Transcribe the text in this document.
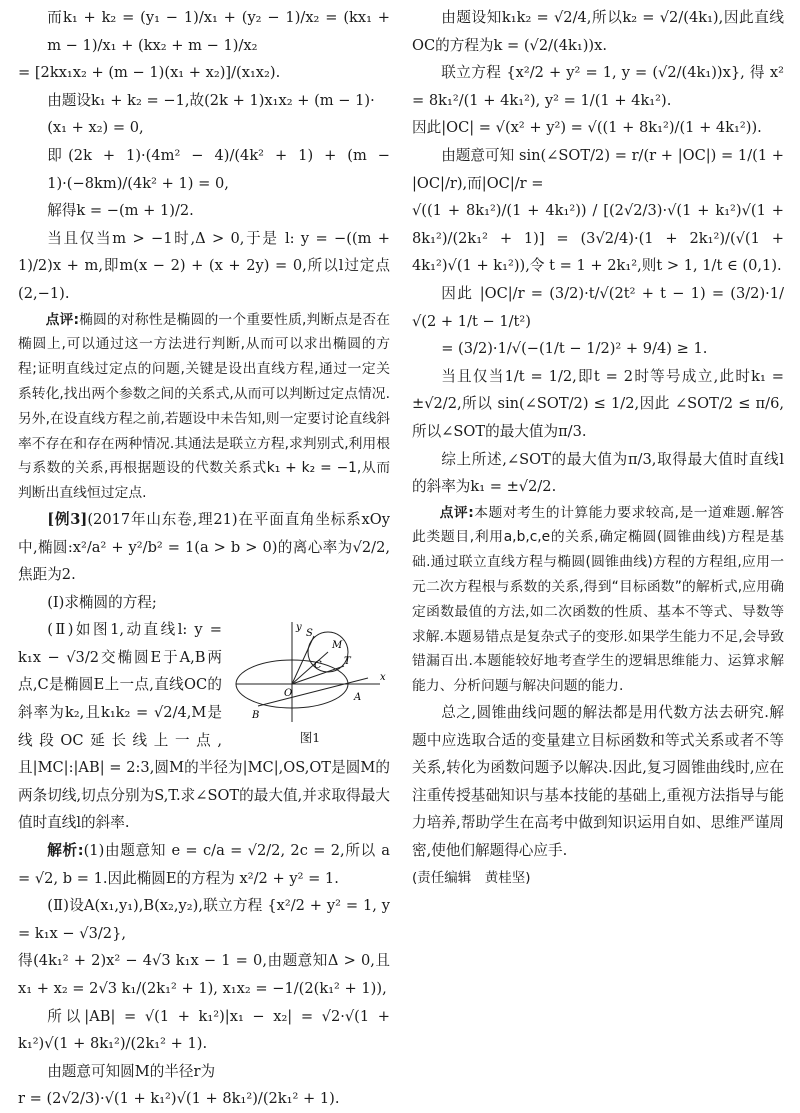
而k₁ + k₂ = (y₁ − 1)/x₁ + (y₂ − 1)/x₂ = (kx₁ + m − 1)/x₁ + (kx₂ + m − 1)/x₂

= [2kx₁x₂ + (m − 1)(x₁ + x₂)]/(x₁x₂).

由题设k₁ + k₂ = −1,故(2k + 1)x₁x₂ + (m − 1)·

(x₁ + x₂) = 0,

即(2k + 1)·(4m² − 4)/(4k² + 1) + (m − 1)·(−8km)/(4k² + 1) = 0,

解得k = −(m + 1)/2.

当且仅当m > −1时,Δ > 0,于是 l: y = −((m + 1)/2)x + m,即m(x − 2) + (x + 2y) = 0,所以l过定点(2,−1).

点评:椭圆的对称性是椭圆的一个重要性质,判断点是否在椭圆上,可以通过这一方法进行判断,从而可以求出椭圆的方程;证明直线过定点的问题,关键是设出直线方程,通过一定关系转化,找出两个参数之间的关系式,从而可以判断过定点情况.另外,在设直线方程之前,若题设中未告知,则一定要讨论直线斜率不存在和存在两种情况.其通法是联立方程,求判别式,利用根与系数的关系,再根据题设的代数关系式k₁ + k₂ = −1,从而判断出直线恒过定点.

[例3](2017年山东卷,理21)在平面直角坐标系xOy中,椭圆:x²/a² + y²/b² = 1(a > b > 0)的离心率为√2/2,焦距为2.

(Ⅰ)求椭圆的方程;

y
x
O
S
M
C T
A
B
图1

(Ⅱ)如图1,动直线l: y = k₁x − √3/2交椭圆E于A,B两点,C是椭圆E上一点,直线OC的斜率为k₂,且k₁k₂ = √2/4,M是线段OC延长线上一点,且|MC|:|AB| = 2:3,圆M的半径为|MC|,OS,OT是圆M的两条切线,切点分别为S,T.求∠SOT的最大值,并求取得最大值时直线l的斜率.

解析:(1)由题意知 e = c/a = √2/2, 2c = 2,所以 a = √2, b = 1.因此椭圆E的方程为 x²/2 + y² = 1.

(Ⅱ)设A(x₁,y₁),B(x₂,y₂),联立方程 {x²/2 + y² = 1, y = k₁x − √3/2},

得(4k₁² + 2)x² − 4√3 k₁x − 1 = 0,由题意知Δ > 0,且 x₁ + x₂ = 2√3 k₁/(2k₁² + 1), x₁x₂ = −1/(2(k₁² + 1)),

所以|AB| = √(1 + k₁²)|x₁ − x₂| = √2·√(1 + k₁²)√(1 + 8k₁²)/(2k₁² + 1).

由题意可知圆M的半径r为

r = (2√2/3)·√(1 + k₁²)√(1 + 8k₁²)/(2k₁² + 1).

由题设知k₁k₂ = √2/4,所以k₂ = √2/(4k₁),因此直线OC的方程为k = (√2/(4k₁))x.

联立方程 {x²/2 + y² = 1, y = (√2/(4k₁))x}, 得 x² = 8k₁²/(1 + 4k₁²), y² = 1/(1 + 4k₁²).

因此|OC| = √(x² + y²) = √((1 + 8k₁²)/(1 + 4k₁²)).

由题意可知 sin(∠SOT/2) = r/(r + |OC|) = 1/(1 + |OC|/r),而|OC|/r =

√((1 + 8k₁²)/(1 + 4k₁²)) / [(2√2/3)·√(1 + k₁²)√(1 + 8k₁²)/(2k₁² + 1)] = (3√2/4)·(1 + 2k₁²)/(√(1 + 4k₁²)√(1 + k₁²)),令 t = 1 + 2k₁²,则t > 1, 1/t ∈ (0,1).

因此 |OC|/r = (3/2)·t/√(2t² + t − 1) = (3/2)·1/√(2 + 1/t − 1/t²)

= (3/2)·1/√(−(1/t − 1/2)² + 9/4) ≥ 1.

当且仅当1/t = 1/2,即t = 2时等号成立,此时k₁ = ±√2/2,所以 sin(∠SOT/2) ≤ 1/2,因此 ∠SOT/2 ≤ π/6,所以∠SOT的最大值为π/3.

综上所述,∠SOT的最大值为π/3,取得最大值时直线l的斜率为k₁ = ±√2/2.

点评:本题对考生的计算能力要求较高,是一道难题.解答此类题目,利用a,b,c,e的关系,确定椭圆(圆锥曲线)方程是基础.通过联立直线方程与椭圆(圆锥曲线)方程的方程组,应用一元二次方程根与系数的关系,得到“目标函数”的解析式,应用确定函数最值的方法,如二次函数的性质、基本不等式、导数等求解.本题易错点是复杂式子的变形.如果学生能力不足,会导致错漏百出.本题能较好地考查学生的逻辑思维能力、运算求解能力、分析问题与解决问题的能力.

总之,圆锥曲线问题的解法都是用代数方法去研究.解题中应选取合适的变量建立目标函数和等式关系或者不等关系,转化为函数问题予以解决.因此,复习圆锥曲线时,应在注重传授基础知识与基本技能的基础上,重视方法指导与能力培养,帮助学生在高考中做到知识运用自如、思维严谨周密,使他们解题得心应手.

(责任编辑　黄桂坚)
